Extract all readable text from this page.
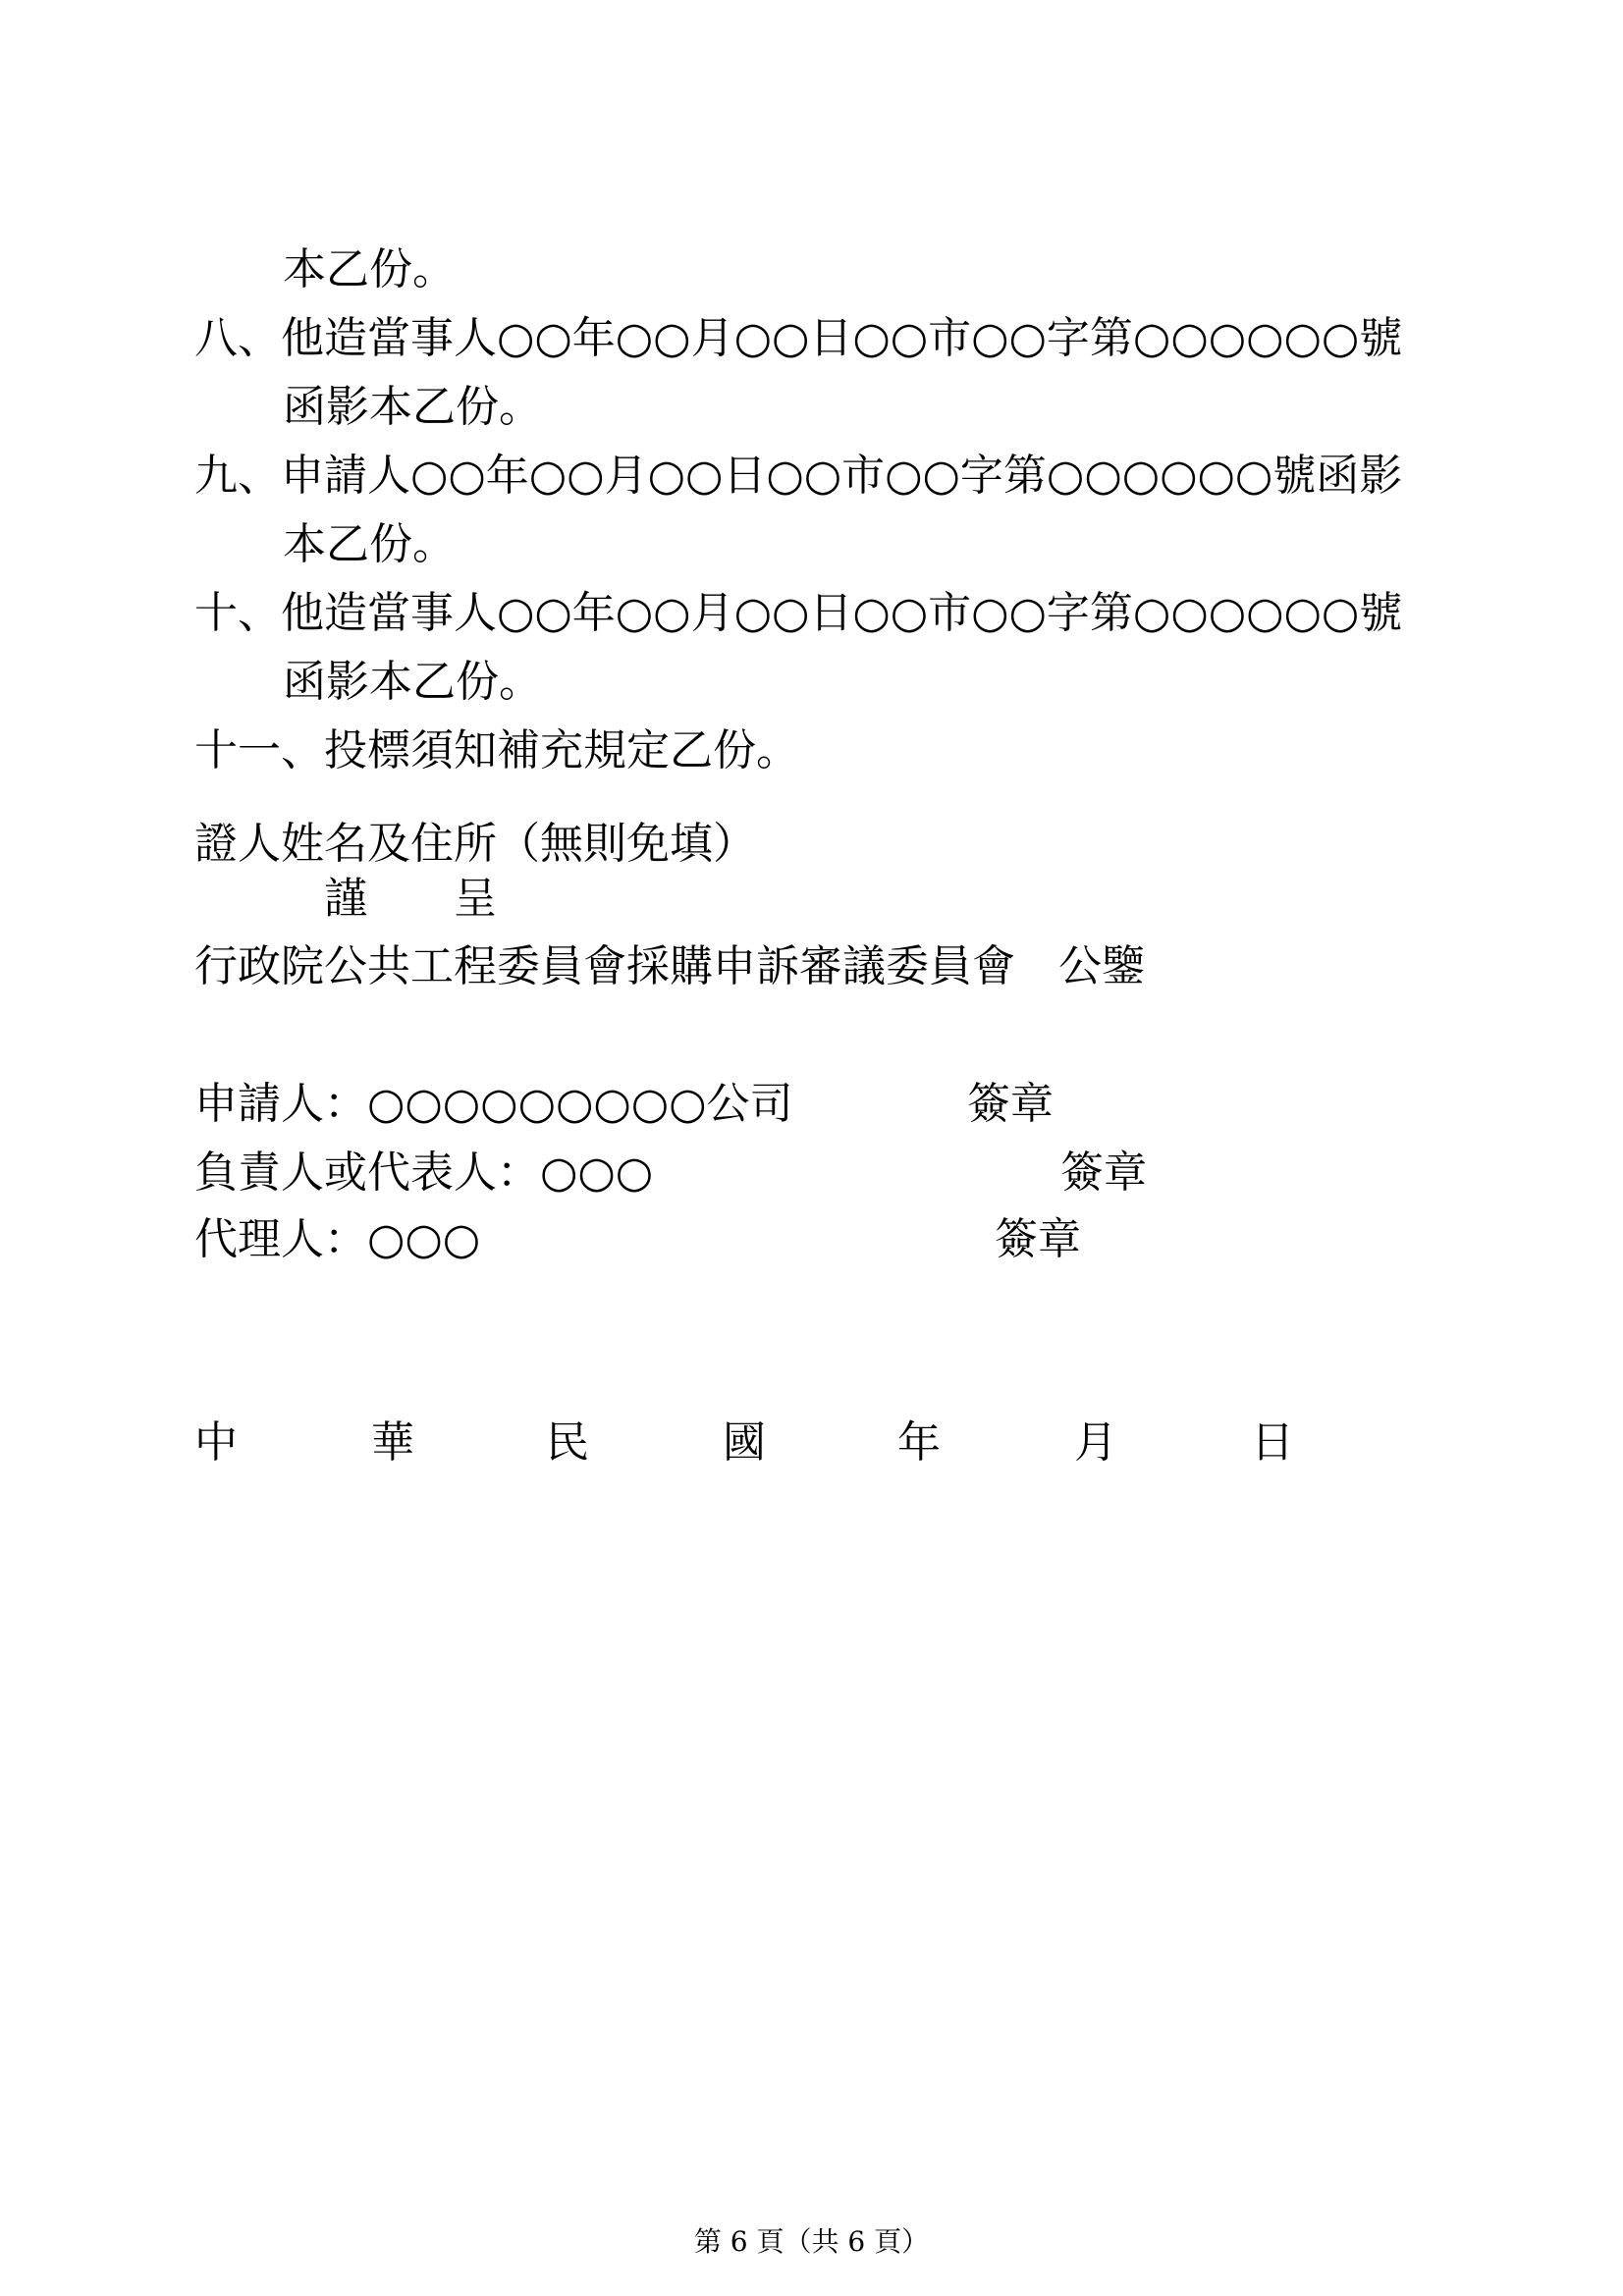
本乙份。
八、他造當事人○○年○○月○○日○○市○○字第○○○○○○號
函影本乙份。
九、申請人○○年○○月○○日○○市○○字第○○○○○○號函影
本乙份。
十、他造當事人○○年○○月○○日○○市○○字第○○○○○○號
函影本乙份。
十一、投標須知補充規定乙份。
證人姓名及住所（無則免填）
謹　　呈
行政院公共工程委員會採購申訴審議委員會　公鑒
申請人：○○○○○○○○○公司	簽章
負責人或代表人：○○○	簽章
代理人：○○○	簽章
中	華	民	國	年	月	日
第 6 頁（共 6 頁）
